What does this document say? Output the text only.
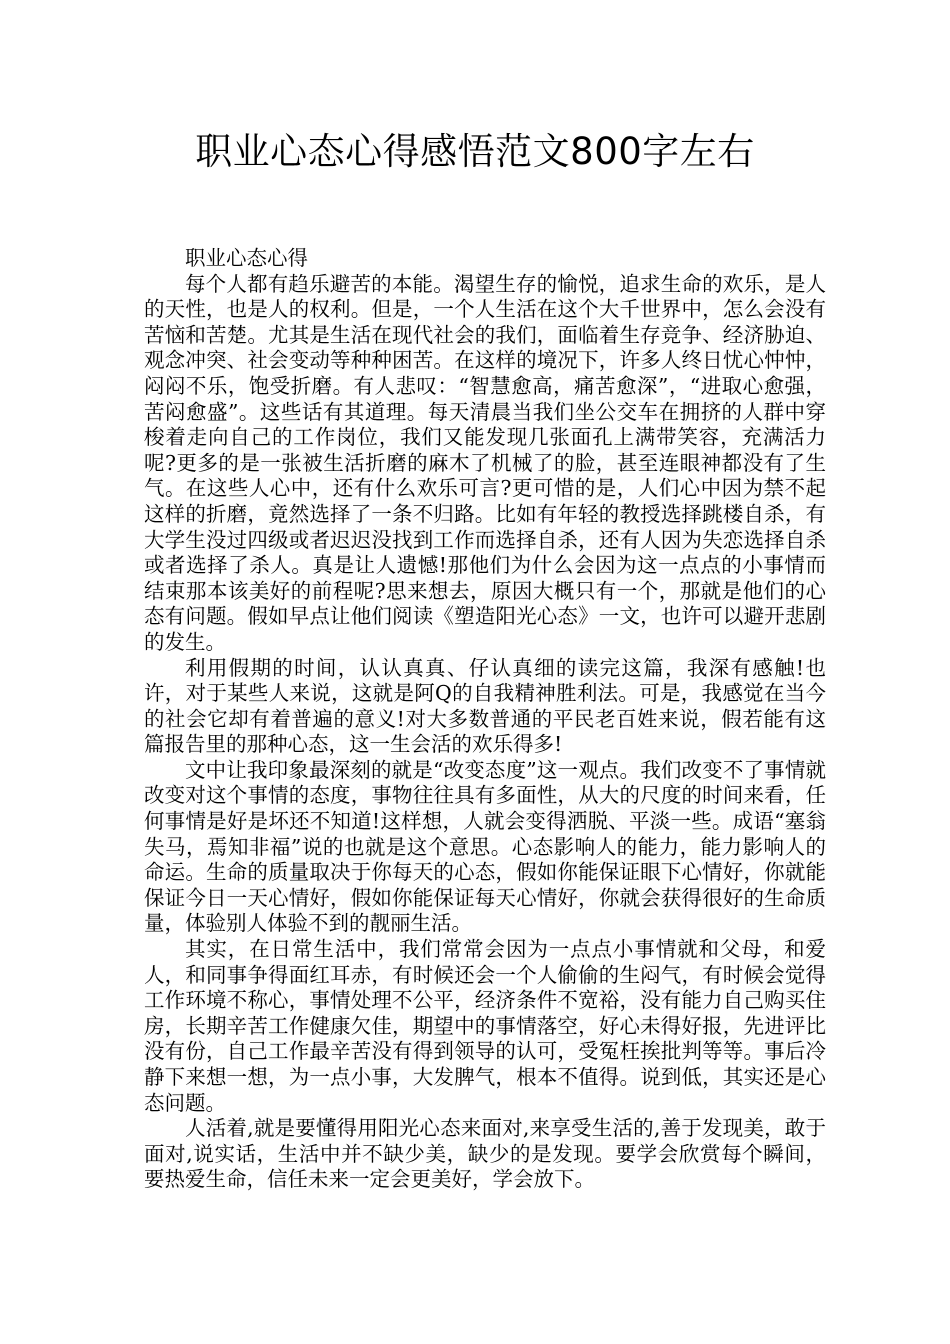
职业心态心得感悟范文800字左右

职业心态心得

每个人都有趋乐避苦的本能。渴望生存的愉悦，追求生命的欢乐，是人的天性，也是人的权利。但是，一个人生活在这个大千世界中，怎么会没有苦恼和苦楚。尤其是生活在现代社会的我们，面临着生存竞争、经济胁迫、观念冲突、社会变动等种种困苦。在这样的境况下，许多人终日忧心忡忡，闷闷不乐，饱受折磨。有人悲叹：“智慧愈高，痛苦愈深”，“进取心愈强，苦闷愈盛”。这些话有其道理。每天清晨当我们坐公交车在拥挤的人群中穿梭着走向自己的工作岗位，我们又能发现几张面孔上满带笑容，充满活力呢?更多的是一张被生活折磨的麻木了机械了的脸，甚至连眼神都没有了生气。在这些人心中，还有什么欢乐可言?更可惜的是，人们心中因为禁不起这样的折磨，竟然选择了一条不归路。比如有年轻的教授选择跳楼自杀，有大学生没过四级或者迟迟没找到工作而选择自杀，还有人因为失恋选择自杀或者选择了杀人。真是让人遗憾!那他们为什么会因为这一点点的小事情而结束那本该美好的前程呢?思来想去，原因大概只有一个，那就是他们的心态有问题。假如早点让他们阅读《塑造阳光心态》一文，也许可以避开悲剧的发生。

利用假期的时间，认认真真、仔认真细的读完这篇，我深有感触!也许，对于某些人来说，这就是阿Q的自我精神胜利法。可是，我感觉在当今的社会它却有着普遍的意义!对大多数普通的平民老百姓来说，假若能有这篇报告里的那种心态，这一生会活的欢乐得多!

文中让我印象最深刻的就是“改变态度”这一观点。我们改变不了事情就改变对这个事情的态度，事物往往具有多面性，从大的尺度的时间来看，任何事情是好是坏还不知道!这样想，人就会变得洒脱、平淡一些。成语“塞翁失马，焉知非福”说的也就是这个意思。心态影响人的能力，能力影响人的命运。生命的质量取决于你每天的心态，假如你能保证眼下心情好，你就能保证今日一天心情好，假如你能保证每天心情好，你就会获得很好的生命质量，体验别人体验不到的靓丽生活。

其实，在日常生活中，我们常常会因为一点点小事情就和父母，和爱人，和同事争得面红耳赤，有时候还会一个人偷偷的生闷气，有时候会觉得工作环境不称心，事情处理不公平，经济条件不宽裕，没有能力自己购买住房，长期辛苦工作健康欠佳，期望中的事情落空，好心未得好报，先进评比没有份，自己工作最辛苦没有得到领导的认可，受冤枉挨批判等等。事后冷静下来想一想，为一点小事，大发脾气，根本不值得。说到低，其实还是心态问题。

人活着,就是要懂得用阳光心态来面对,来享受生活的,善于发现美，敢于面对,说实话，生活中并不缺少美，缺少的是发现。要学会欣赏每个瞬间，要热爱生命，信任未来一定会更美好，学会放下。
